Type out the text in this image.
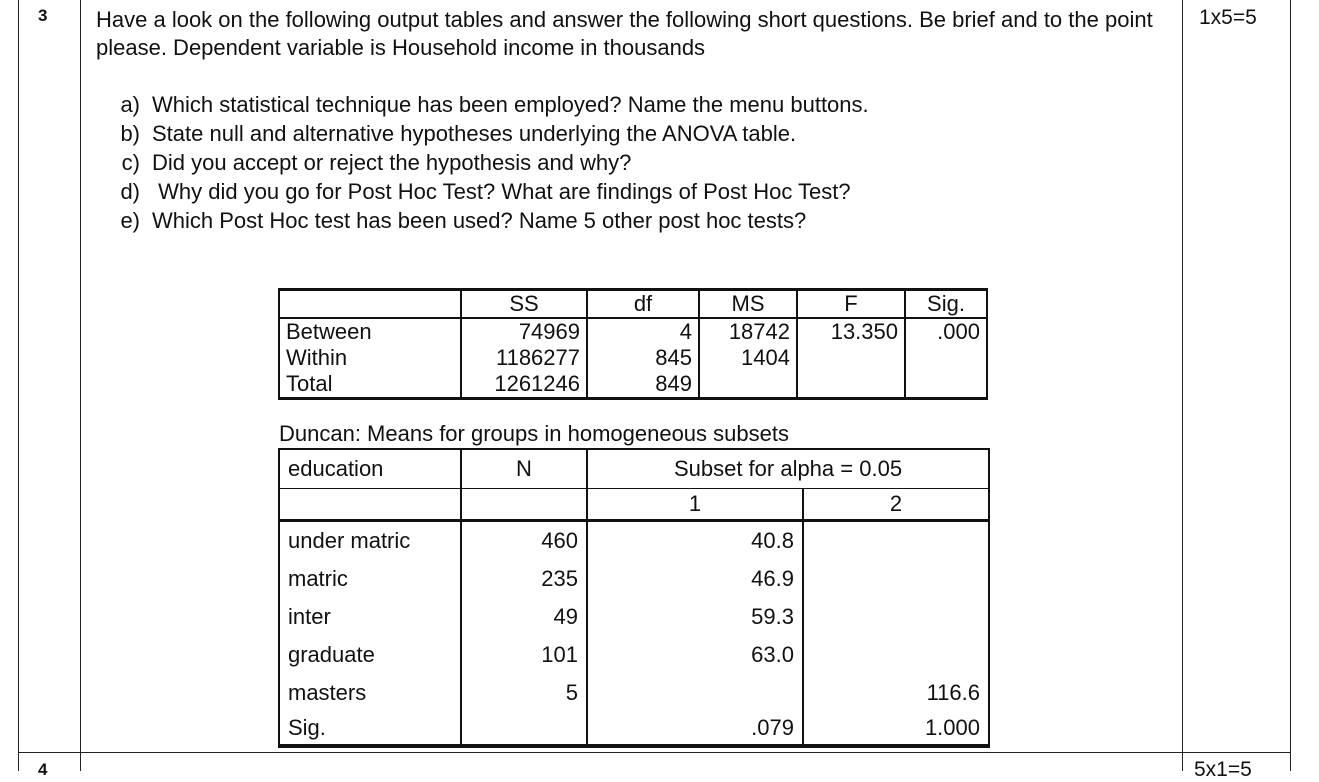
3	1x5=5
4	5x1=5
Have a look on the following output tables and answer the following short questions. Be brief and to the point please. Dependent variable is Household income in thousands
a) Which statistical technique has been employed? Name the menu buttons.
b) State null and alternative hypotheses underlying the ANOVA table.
c) Did you accept or reject the hypothesis and why?
d) Why did you go for Post Hoc Test? What are findings of Post Hoc Test?
e) Which Post Hoc test has been used? Name 5 other post hoc tests?
	SS	df	MS	F	Sig.
Between	74969	4	18742	13.350	.000
Within	1186277	845	1404		
Total	1261246	849			
Duncan: Means for groups in homogeneous subsets
education	N	Subset for alpha = 0.05	
		1	2
under matric	460	40.8	
matric	235	46.9	
inter	49	59.3	
graduate	101	63.0	
masters	5		116.6
Sig.		.079	1.000
